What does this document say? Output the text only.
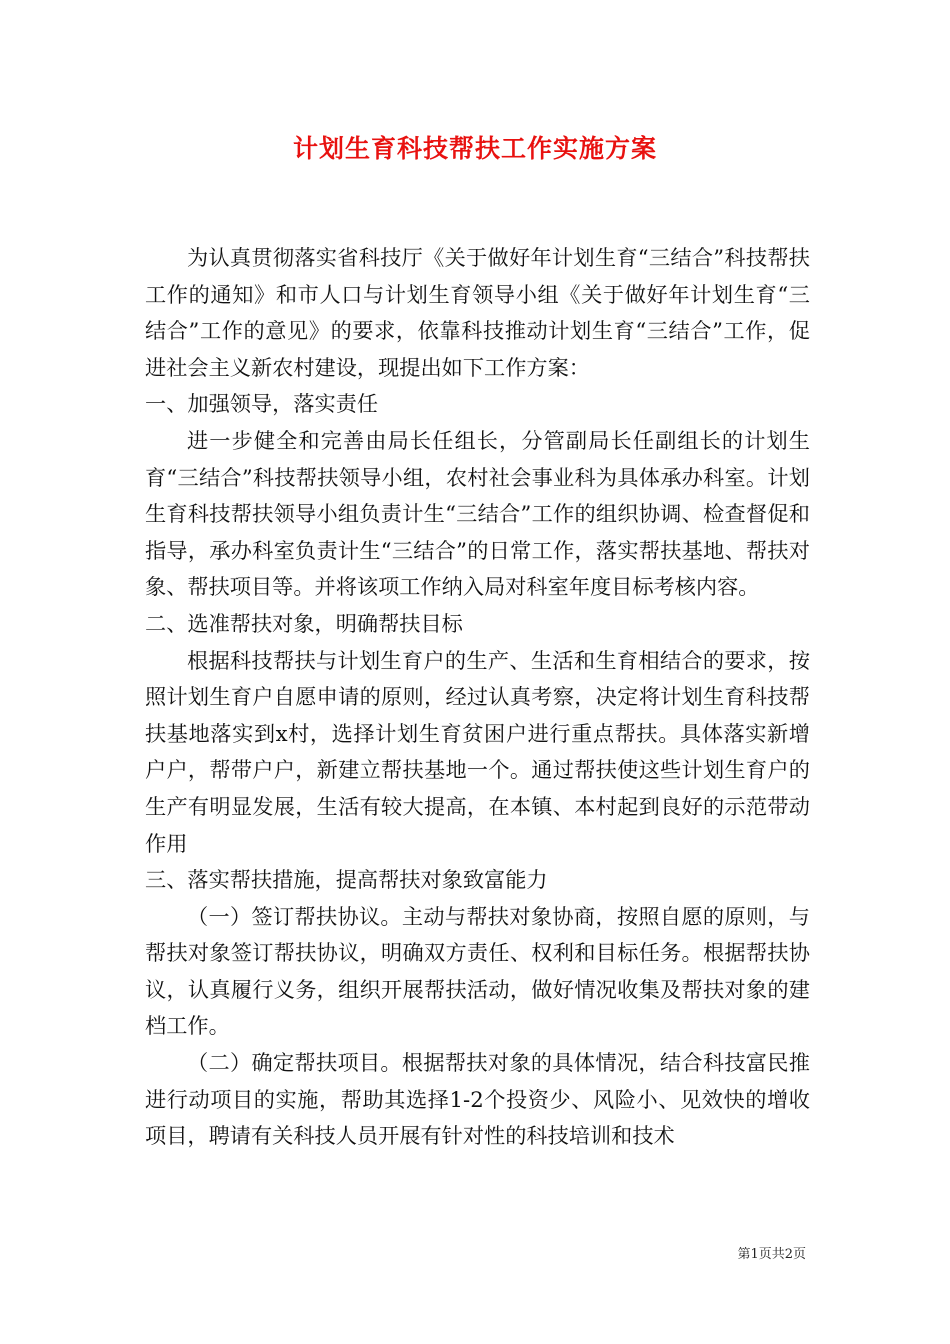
计划生育科技帮扶工作实施方案

为认真贯彻落实省科技厅《关于做好年计划生育“三结合”科技帮扶工作的通知》和市人口与计划生育领导小组《关于做好年计划生育“三结合”工作的意见》的要求，依靠科技推动计划生育“三结合”工作，促进社会主义新农村建设，现提出如下工作方案：

一、加强领导，落实责任

进一步健全和完善由局长任组长，分管副局长任副组长的计划生育“三结合”科技帮扶领导小组，农村社会事业科为具体承办科室。计划生育科技帮扶领导小组负责计生“三结合”工作的组织协调、检查督促和指导，承办科室负责计生“三结合”的日常工作，落实帮扶基地、帮扶对象、帮扶项目等。并将该项工作纳入局对科室年度目标考核内容。

二、选准帮扶对象，明确帮扶目标

根据科技帮扶与计划生育户的生产、生活和生育相结合的要求，按照计划生育户自愿申请的原则，经过认真考察，决定将计划生育科技帮扶基地落实到x村，选择计划生育贫困户进行重点帮扶。具体落实新增户户，帮带户户，新建立帮扶基地一个。通过帮扶使这些计划生育户的生产有明显发展，生活有较大提高，在本镇、本村起到良好的示范带动作用

三、落实帮扶措施，提高帮扶对象致富能力

（一）签订帮扶协议。主动与帮扶对象协商，按照自愿的原则，与帮扶对象签订帮扶协议，明确双方责任、权利和目标任务。根据帮扶协议，认真履行义务，组织开展帮扶活动，做好情况收集及帮扶对象的建档工作。

（二）确定帮扶项目。根据帮扶对象的具体情况，结合科技富民推进行动项目的实施，帮助其选择1-2个投资少、风险小、见效快的增收项目，聘请有关科技人员开展有针对性的科技培训和技术

第1页共2页
